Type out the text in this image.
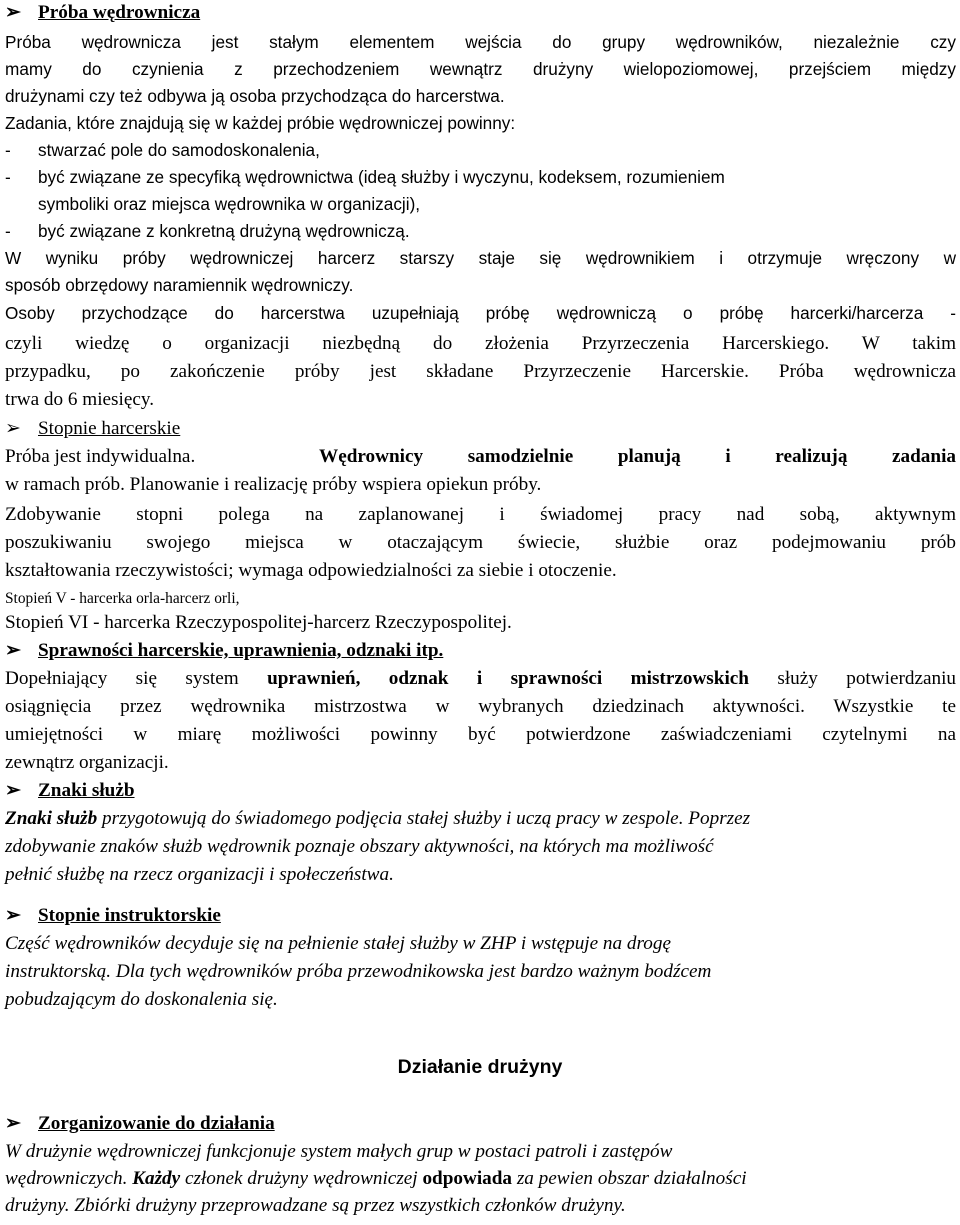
➢ Próba wędrownicza
Próba wędrownicza jest stałym elementem wejścia do grupy wędrowników, niezależnie czy
mamy do czynienia z przechodzeniem wewnątrz drużyny wielopoziomowej, przejściem między
drużynami czy też odbywa ją osoba przychodząca do harcerstwa.
Zadania, które znajdują się w każdej próbie wędrowniczej powinny:
- stwarzać pole do samodoskonalenia,
- być związane ze specyfiką wędrownictwa (ideą służby i wyczynu, kodeksem, rozumieniem
symboliki oraz miejsca wędrownika w organizacji),
- być związane z konkretną drużyną wędrowniczą.
W wyniku próby wędrowniczej harcerz starszy staje się wędrownikiem i otrzymuje wręczony w
sposób obrzędowy naramiennik wędrowniczy.
Osoby przychodzące do harcerstwa uzupełniają próbę wędrowniczą o próbę harcerki/harcerza -
czyli wiedzę o organizacji niezbędną do złożenia Przyrzeczenia Harcerskiego. W takim
przypadku, po zakończenie próby jest składane Przyrzeczenie Harcerskie. Próba wędrownicza
trwa do 6 miesięcy.
➢ Stopnie harcerskie
Próba jest indywidualna.	Wędrownicy samodzielnie planują i realizują zadania
w ramach prób. Planowanie i realizację próby wspiera opiekun próby.
Zdobywanie stopni polega na zaplanowanej i świadomej pracy nad sobą, aktywnym
poszukiwaniu swojego miejsca w otaczającym świecie, służbie oraz podejmowaniu prób
kształtowania rzeczywistości; wymaga odpowiedzialności za siebie i otoczenie.
Stopień V - harcerka orla-harcerz orli,
Stopień VI - harcerka Rzeczypospolitej-harcerz Rzeczypospolitej.
➢ Sprawności harcerskie, uprawnienia, odznaki itp.
Dopełniający się system uprawnień, odznak i sprawności mistrzowskich służy potwierdzaniu
osiągnięcia przez wędrownika mistrzostwa w wybranych dziedzinach aktywności. Wszystkie te
umiejętności w miarę możliwości powinny być potwierdzone zaświadczeniami czytelnymi na
zewnątrz organizacji.
➢ Znaki służb
Znaki służb przygotowują do świadomego podjęcia stałej służby i uczą pracy w zespole. Poprzez
zdobywanie znaków służb wędrownik poznaje obszary aktywności, na których ma możliwość
pełnić służbę na rzecz organizacji i społeczeństwa.
➢ Stopnie instruktorskie
Część wędrowników decyduje się na pełnienie stałej służby w ZHP i wstępuje na drogę
instruktorską. Dla tych wędrowników próba przewodnikowska jest bardzo ważnym bodźcem
pobudzającym do doskonalenia się.
Działanie drużyny
➢ Zorganizowanie do działania
W drużynie wędrowniczej funkcjonuje system małych grup w postaci patroli i zastępów
wędrowniczych. Każdy członek drużyny wędrowniczej odpowiada za pewien obszar działalności
drużyny. Zbiórki drużyny przeprowadzane są przez wszystkich członków drużyny.
